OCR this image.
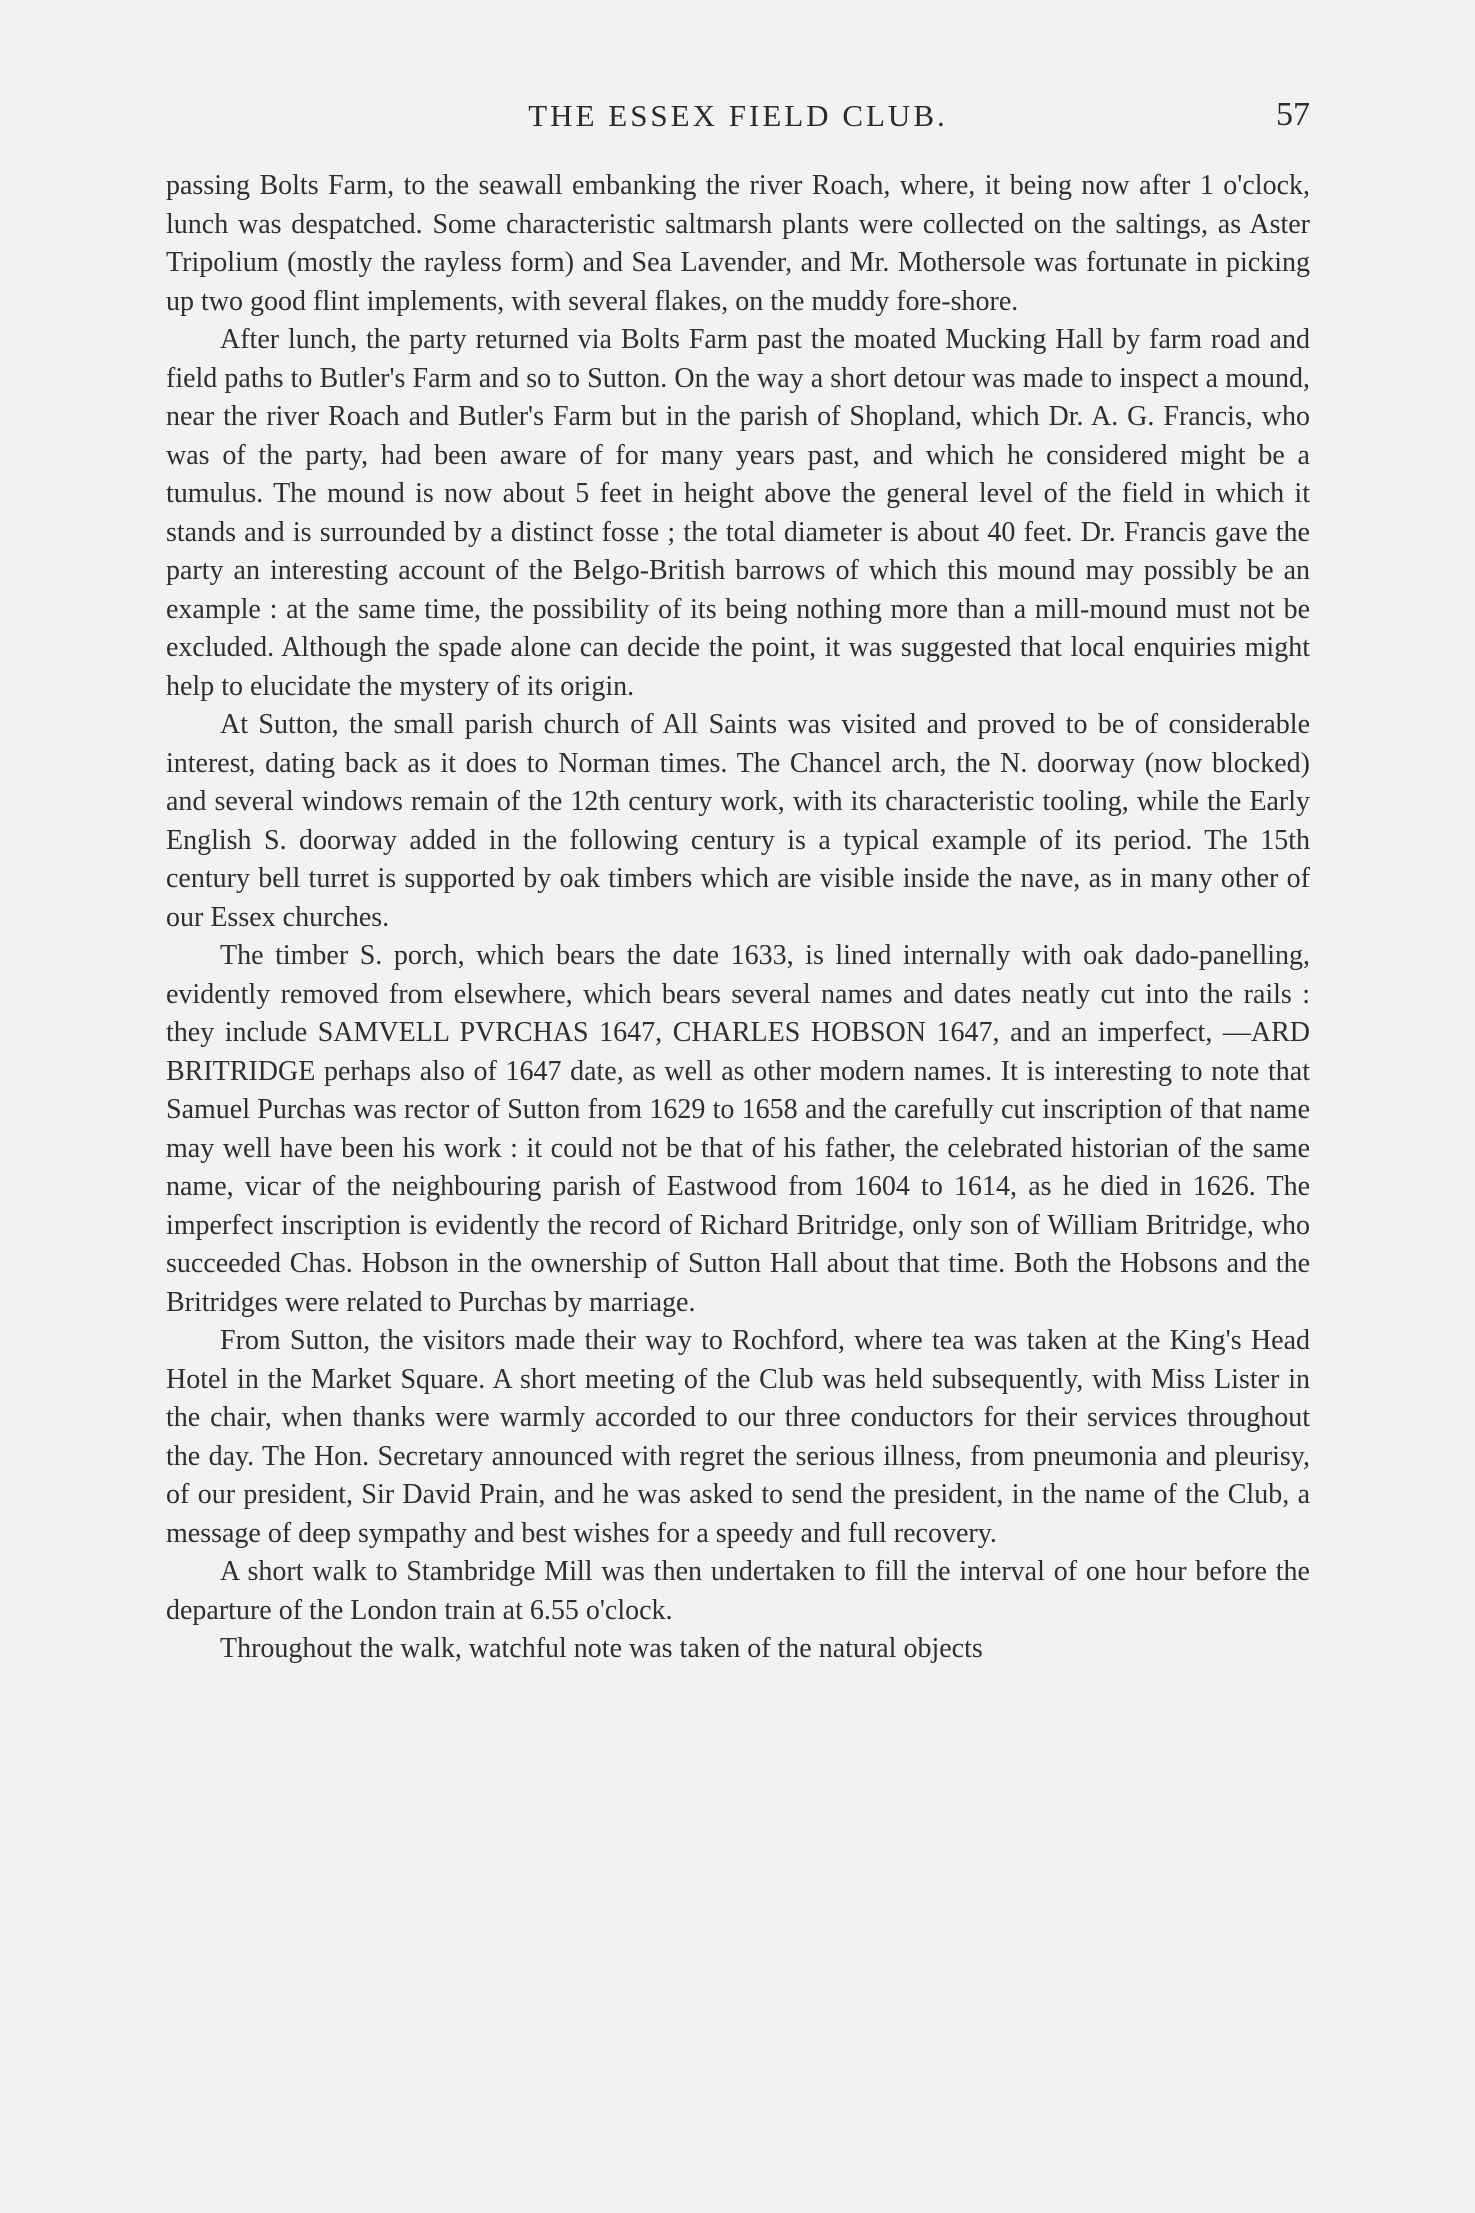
THE ESSEX FIELD CLUB.	57

passing Bolts Farm, to the seawall embanking the river Roach, where, it being now after 1 o'clock, lunch was despatched. Some characteristic saltmarsh plants were collected on the saltings, as Aster Tripolium (mostly the rayless form) and Sea Lavender, and Mr. Mothersole was fortunate in picking up two good flint implements, with several flakes, on the muddy fore-shore.

After lunch, the party returned via Bolts Farm past the moated Mucking Hall by farm road and field paths to Butler's Farm and so to Sutton. On the way a short detour was made to inspect a mound, near the river Roach and Butler's Farm but in the parish of Shopland, which Dr. A. G. Francis, who was of the party, had been aware of for many years past, and which he considered might be a tumulus. The mound is now about 5 feet in height above the general level of the field in which it stands and is surrounded by a distinct fosse ; the total diameter is about 40 feet. Dr. Francis gave the party an interesting account of the Belgo-British barrows of which this mound may possibly be an example : at the same time, the possibility of its being nothing more than a mill-mound must not be excluded. Although the spade alone can decide the point, it was suggested that local enquiries might help to elucidate the mystery of its origin.

At Sutton, the small parish church of All Saints was visited and proved to be of considerable interest, dating back as it does to Norman times. The Chancel arch, the N. doorway (now blocked) and several windows remain of the 12th century work, with its characteristic tooling, while the Early English S. doorway added in the following century is a typical example of its period. The 15th century bell turret is supported by oak timbers which are visible inside the nave, as in many other of our Essex churches.

The timber S. porch, which bears the date 1633, is lined internally with oak dado-panelling, evidently removed from elsewhere, which bears several names and dates neatly cut into the rails : they include SAMVELL PVRCHAS 1647, CHARLES HOBSON 1647, and an imperfect, —ARD BRITRIDGE perhaps also of 1647 date, as well as other modern names. It is interesting to note that Samuel Purchas was rector of Sutton from 1629 to 1658 and the carefully cut inscription of that name may well have been his work : it could not be that of his father, the celebrated historian of the same name, vicar of the neighbouring parish of Eastwood from 1604 to 1614, as he died in 1626. The imperfect inscription is evidently the record of Richard Britridge, only son of William Britridge, who succeeded Chas. Hobson in the ownership of Sutton Hall about that time. Both the Hobsons and the Britridges were related to Purchas by marriage.

From Sutton, the visitors made their way to Rochford, where tea was taken at the King's Head Hotel in the Market Square. A short meeting of the Club was held subsequently, with Miss Lister in the chair, when thanks were warmly accorded to our three conductors for their services throughout the day. The Hon. Secretary announced with regret the serious illness, from pneumonia and pleurisy, of our president, Sir David Prain, and he was asked to send the president, in the name of the Club, a message of deep sympathy and best wishes for a speedy and full recovery.

A short walk to Stambridge Mill was then undertaken to fill the interval of one hour before the departure of the London train at 6.55 o'clock.

Throughout the walk, watchful note was taken of the natural objects
